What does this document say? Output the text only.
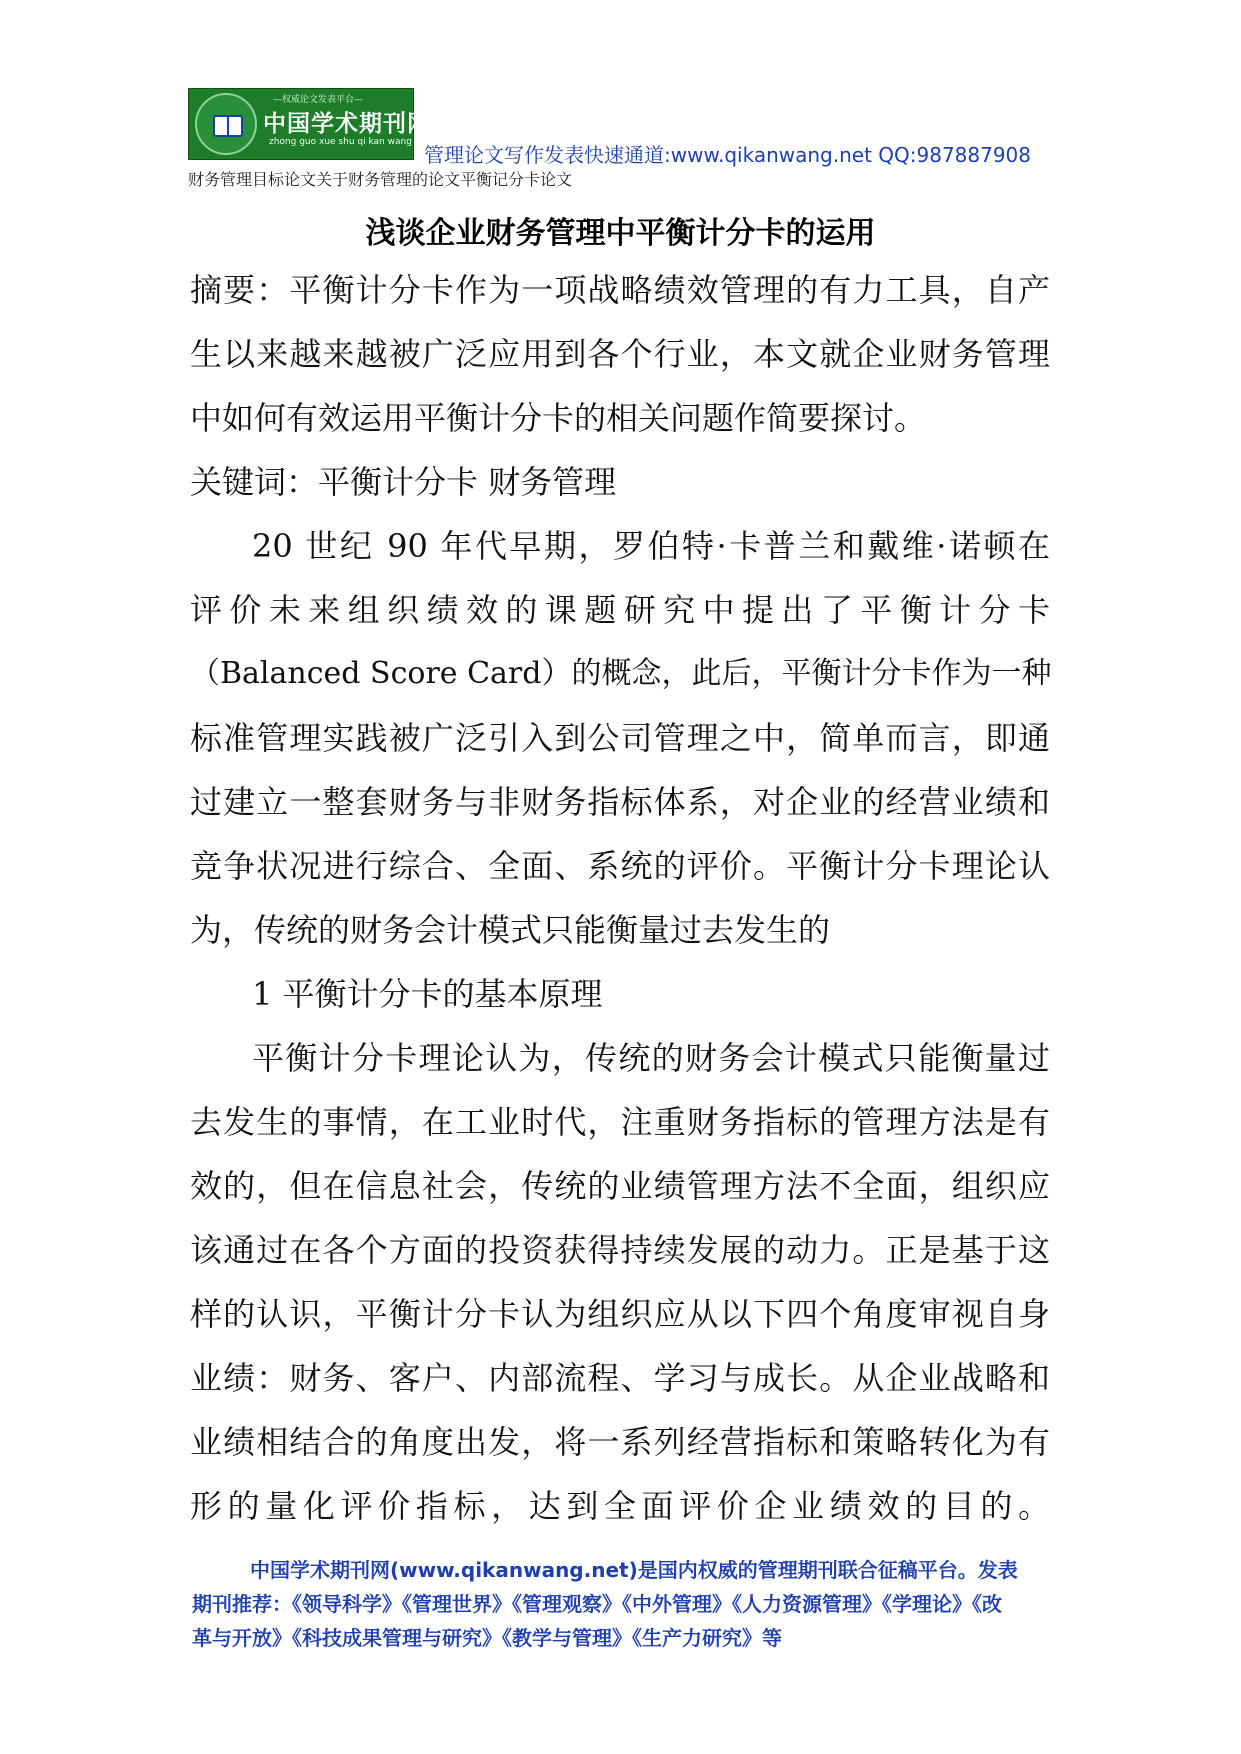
—权威论文发表平台—
中国学术期刊网
zhong guo xue shu qi kan wang
管理论文写作发表快速通道:www.qikanwang.net QQ:987887908
财务管理目标论文关于财务管理的论文平衡记分卡论文
浅谈企业财务管理中平衡计分卡的运用
摘要：平衡计分卡作为一项战略绩效管理的有力工具，自产
生以来越来越被广泛应用到各个行业，本文就企业财务管理
中如何有效运用平衡计分卡的相关问题作简要探讨。
关键词：平衡计分卡 财务管理
20 世纪 90 年代早期，罗伯特·卡普兰和戴维·诺顿在
评价未来组织绩效的课题研究中提出了平衡计分卡
（Balanced Score Card）的概念，此后，平衡计分卡作为一种
标准管理实践被广泛引入到公司管理之中，简单而言，即通
过建立一整套财务与非财务指标体系，对企业的经营业绩和
竞争状况进行综合、全面、系统的评价。平衡计分卡理论认
为，传统的财务会计模式只能衡量过去发生的
1 平衡计分卡的基本原理
平衡计分卡理论认为，传统的财务会计模式只能衡量过
去发生的事情，在工业时代，注重财务指标的管理方法是有
效的，但在信息社会，传统的业绩管理方法不全面，组织应
该通过在各个方面的投资获得持续发展的动力。正是基于这
样的认识，平衡计分卡认为组织应从以下四个角度审视自身
业绩：财务、客户、内部流程、学习与成长。从企业战略和
业绩相结合的角度出发，将一系列经营指标和策略转化为有
形的量化评价指标，达到全面评价企业绩效的目的。
中国学术期刊网(www.qikanwang.net)是国内权威的管理期刊联合征稿平台。发表
期刊推荐：《领导科学》《管理世界》《管理观察》《中外管理》《人力资源管理》《学理论》《改
革与开放》《科技成果管理与研究》《教学与管理》《生产力研究》等
